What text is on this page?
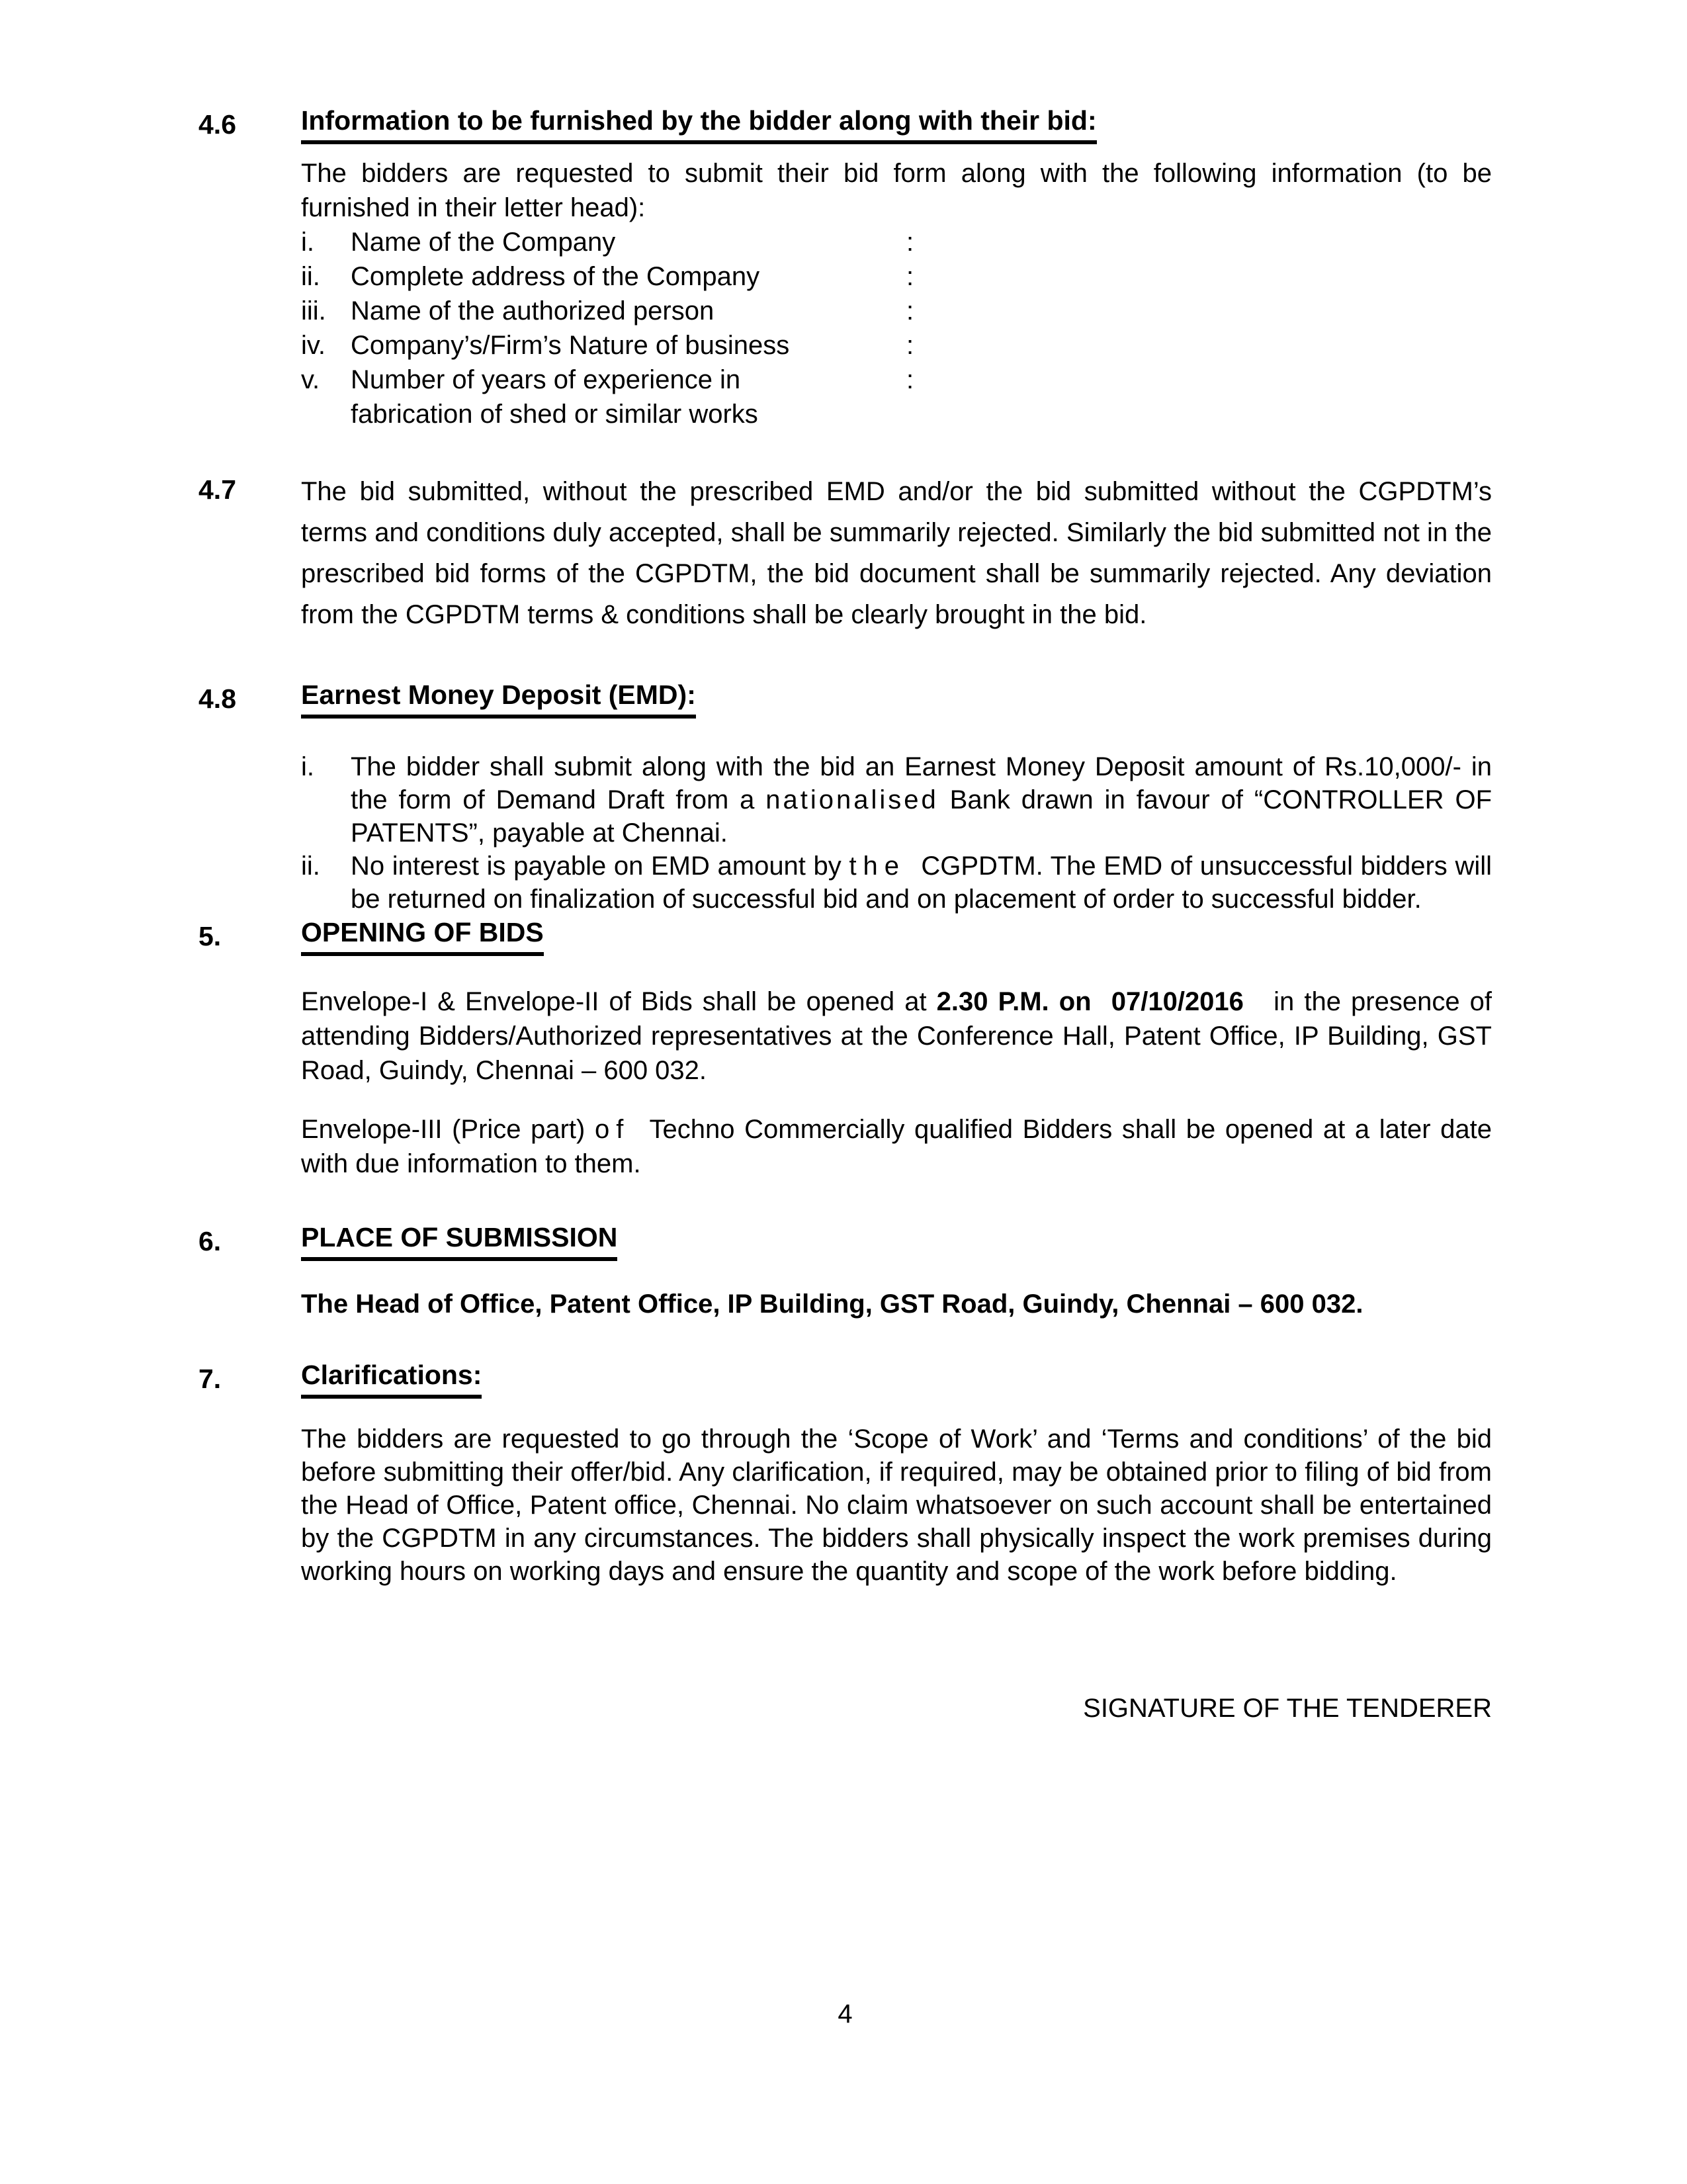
4.6	Information to be furnished by the bidder along with their bid:

The bidders are requested to submit their bid form along with the following information (to be furnished in their letter head):

i.	Name of the Company	:
ii.	Complete address of the Company	:
iii. Name of the authorized person	:
iv. Company’s/Firm’s Nature of business	:
v.	Number of years of experience in
fabrication of shed or similar works
:
4.7	The bid submitted, without the prescribed EMD and/or the bid submitted without the CGPDTM’s terms and conditions duly accepted, shall be summarily rejected. Similarly the bid submitted not in the prescribed bid forms of the CGPDTM, the bid document shall be summarily rejected. Any deviation from the CGPDTM terms & conditions shall be clearly brought in the bid.

4.8	Earnest Money Deposit (EMD):
i.	The bidder shall submit along with the bid an Earnest Money Deposit amount of Rs.10,000/- in the form of Demand Draft from a nationalised Bank drawn in favour of “CONTROLLER OF PATENTS”, payable at Chennai.

ii.	No interest is payable on EMD amount by the  CGPDTM. The EMD of unsuccessful bidders will be returned on finalization of successful bid and on placement of order to successful bidder.

5.	OPENING OF BIDS

Envelope-I & Envelope-II of Bids shall be opened at 2.30 P.M. on  07/10/2016   in the presence of attending Bidders/Authorized representatives at the Conference Hall, Patent Office, IP Building, GST Road, Guindy, Chennai – 600 032.

Envelope-III (Price part) of  Techno Commercially qualified Bidders shall be opened at a later date with due information to them.

6.	PLACE OF SUBMISSION

The Head of Office, Patent Office, IP Building, GST Road, Guindy, Chennai – 600 032.

7.	Clarifications:

The bidders are requested to go through the ‘Scope of Work’ and ‘Terms and conditions’ of the bid before submitting their offer/bid. Any clarification, if required, may be obtained prior to filing of bid from the Head of Office, Patent office, Chennai. No claim whatsoever on such account shall be entertained by the CGPDTM in any circumstances. The bidders shall physically inspect the work premises during working hours on working days and ensure the quantity and scope of the work before bidding.

SIGNATURE OF THE TENDERER
4
